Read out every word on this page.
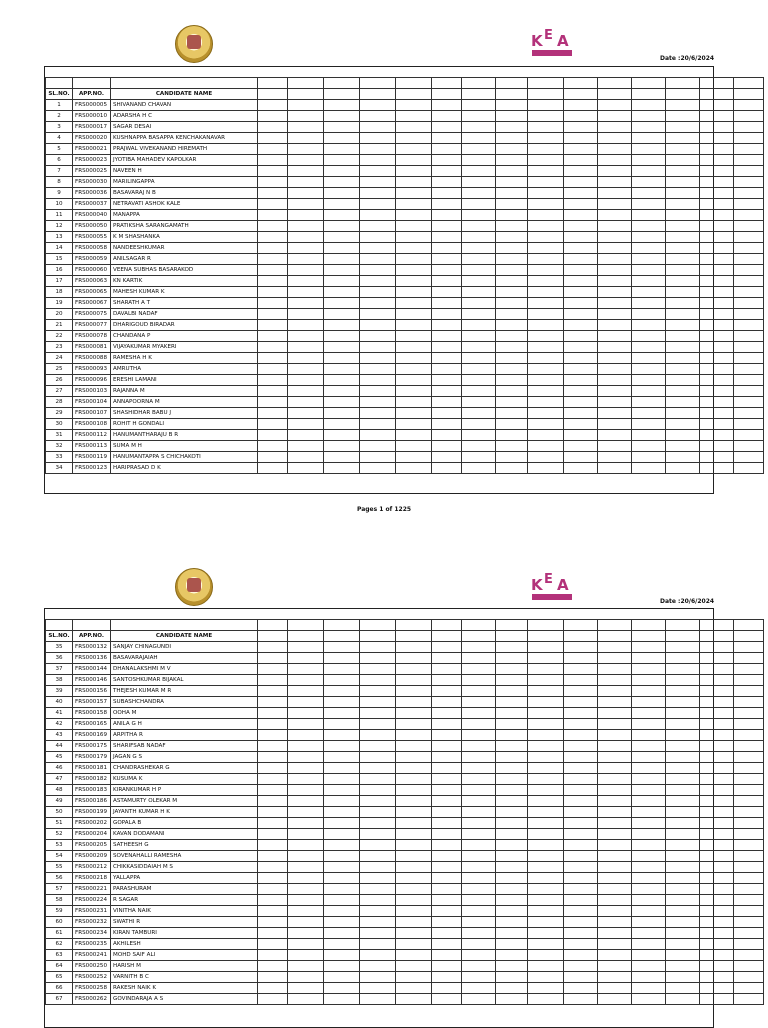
K E A
Date :20/6/2024

SL.NO.	APP.NO.	CANDIDATE NAME															
1	FRS000005	SHIVANAND CHAVAN															
2	FRS000010	ADARSHA H C															
3	FRS000017	SAGAR DESAI															
4	FRS000020	KUSHNAPPA BASAPPA KENCHAKANAVAR															
5	FRS000021	PRAJWAL VIVEKANAND HIREMATH															
6	FRS000023	JYOTIBA MAHADEV KAPOLKAR															
7	FRS000025	NAVEEN H															
8	FRS000030	MARILINGAPPA															
9	FRS000036	BASAVARAJ N B															
10	FRS000037	NETRAVATI ASHOK KALE															
11	FRS000040	MANAPPA															
12	FRS000050	PRATIKSHA SARANGAMATH															
13	FRS000055	K M SHASHANKA															
14	FRS000058	NANDEESHKUMAR															
15	FRS000059	ANILSAGAR R															
16	FRS000060	VEENA SUBHAS BASARAKOD															
17	FRS000063	KN KARTIK															
18	FRS000065	MAHESH KUMAR K															
19	FRS000067	SHARATH A T															
20	FRS000075	DAVALBI NADAF															
21	FRS000077	DHARIGOUD BIRADAR															
22	FRS000078	CHANDANA P															
23	FRS000081	VIJAYAKUMAR MYAKERI															
24	FRS000088	RAMESHA H K															
25	FRS000093	AMRUTHA															
26	FRS000096	ERESHI LAMANI															
27	FRS000103	RAJANNA M															
28	FRS000104	ANNAPOORNA M															
29	FRS000107	SHASHIDHAR BABU J															
30	FRS000108	ROHIT H GONDALI															
31	FRS000112	HANUMANTHARAJU B R															
32	FRS000113	SUMA M H															
33	FRS000119	HANUMANTAPPA S CHICHAKOTI															
34	FRS000123	HARIPRASAD D K															
Pages 1 of 1225
K E A
Date :20/6/2024

SL.NO.	APP.NO.	CANDIDATE NAME															
35	FRS000132	SANJAY CHINAGUNDI															
36	FRS000136	BASAVARAJAIAH															
37	FRS000144	DHANALAKSHMI M V															
38	FRS000146	SANTOSHKUMAR BIJAKAL															
39	FRS000156	THEJESH KUMAR M R															
40	FRS000157	SUBASHCHANDRA															
41	FRS000158	OOHA M															
42	FRS000165	ANILA G H															
43	FRS000169	ARPITHA R															
44	FRS000175	SHARIFSAB NADAF															
45	FRS000179	JAGAN G S															
46	FRS000181	CHANDRASHEKAR G															
47	FRS000182	KUSUMA K															
48	FRS000183	KIRANKUMAR H P															
49	FRS000186	ASTAMURTY OLEKAR M															
50	FRS000199	JAYANTH KUMAR H K															
51	FRS000202	GOPALA B															
52	FRS000204	KAVAN DODAMANI															
53	FRS000205	SATHEESH G															
54	FRS000209	SOVENAHALLI RAMESHA															
55	FRS000212	CHIKKASIDDAIAH M S															
56	FRS000218	YALLAPPA															
57	FRS000221	PARASHURAM															
58	FRS000224	R SAGAR															
59	FRS000231	VINITHA NAIK															
60	FRS000232	SWATHI R															
61	FRS000234	KIRAN TAMBURI															
62	FRS000235	AKHILESH															
63	FRS000241	MOHD SAIF ALI															
64	FRS000250	HARISH M															
65	FRS000252	VARNITH B C															
66	FRS000258	RAKESH NAIK K															
67	FRS000262	GOVINDARAJA A S															
